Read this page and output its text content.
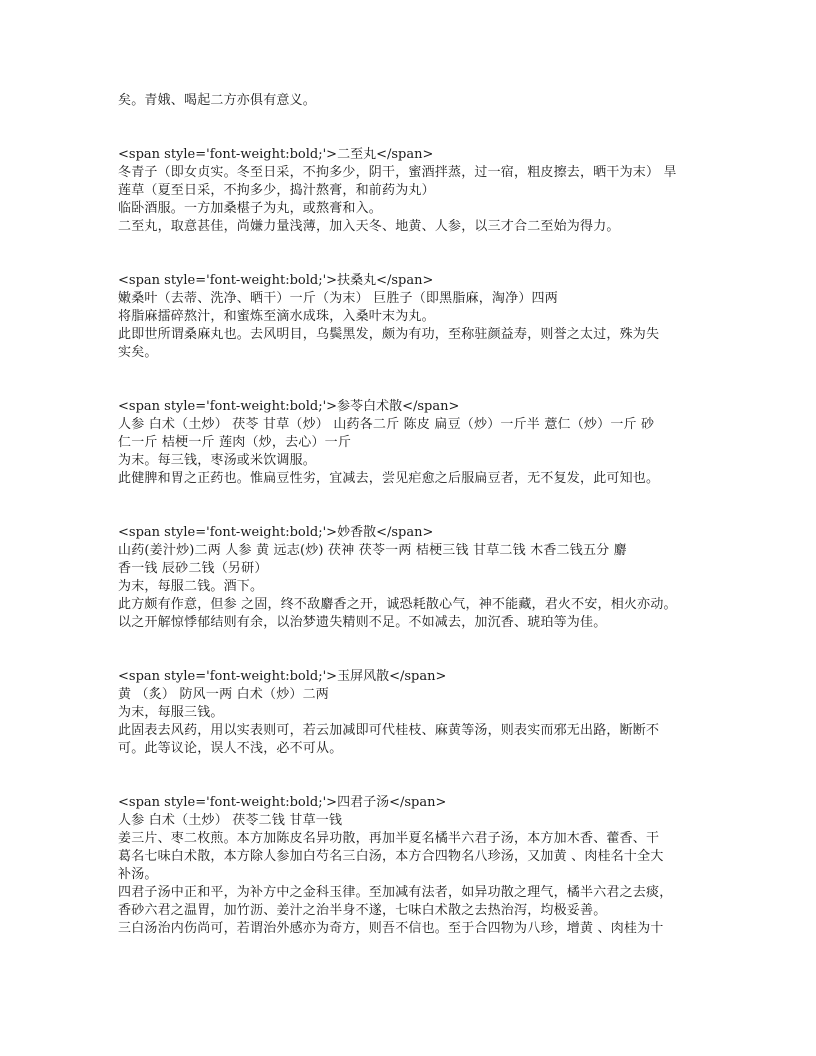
矣。青娥、喝起二方亦俱有意义。
<span style='font-weight:bold;'>二至丸</span>
冬青子（即女贞实。冬至日采，不拘多少，阴干，蜜酒拌蒸，过一宿，粗皮擦去，晒干为末） 旱
莲草（夏至日采，不拘多少，捣汁熬膏，和前药为丸）
临卧酒服。一方加桑椹子为丸，或熬膏和入。
二至丸，取意甚佳，尚嫌力量浅薄，加入天冬、地黄、人参，以三才合二至始为得力。
<span style='font-weight:bold;'>扶桑丸</span>
嫩桑叶（去蒂、洗净、晒干）一斤（为末） 巨胜子（即黑脂麻，淘净）四两
将脂麻擂碎熬汁，和蜜炼至滴水成珠，入桑叶末为丸。
此即世所谓桑麻丸也。去风明目，乌鬓黑发，颇为有功，至称驻颜益寿，则誉之太过，殊为失
实矣。
<span style='font-weight:bold;'>参苓白术散</span>
人参 白术（土炒） 茯苓 甘草（炒） 山药各二斤 陈皮 扁豆（炒）一斤半 薏仁（炒）一斤 砂
仁一斤 桔梗一斤 莲肉（炒，去心）一斤
为末。每三钱，枣汤或米饮调服。
此健脾和胃之正药也。惟扁豆性劣，宜减去，尝见疟愈之后服扁豆者，无不复发，此可知也。
<span style='font-weight:bold;'>妙香散</span>
山药(姜汁炒)二两 人参 黄 远志(炒) 茯神 茯苓一两 桔梗三钱 甘草二钱 木香二钱五分 麝
香一钱 辰砂二钱（另研）
为末，每服二钱。酒下。
此方颇有作意，但参 之固，终不敌麝香之开，诚恐耗散心气，神不能藏，君火不安，相火亦动。
以之开解惊悸郁结则有余，以治梦遗失精则不足。不如减去，加沉香、琥珀等为佳。
<span style='font-weight:bold;'>玉屏风散</span>
黄 （炙） 防风一两 白术（炒）二两
为末，每服三钱。
此固表去风药，用以实表则可，若云加减即可代桂枝、麻黄等汤，则表实而邪无出路，断断不
可。此等议论，误人不浅，必不可从。
<span style='font-weight:bold;'>四君子汤</span>
人参 白术（土炒） 茯苓二钱 甘草一钱
姜三片、枣二枚煎。本方加陈皮名异功散，再加半夏名橘半六君子汤，本方加木香、藿香、干
葛名七味白术散，本方除人参加白芍名三白汤，本方合四物名八珍汤，又加黄 、肉桂名十全大
补汤。
四君子汤中正和平，为补方中之金科玉律。至加减有法者，如异功散之理气，橘半六君之去痰，
香砂六君之温胃，加竹沥、姜汁之治半身不遂，七味白术散之去热治泻，均极妥善。
三白汤治内伤尚可，若谓治外感亦为奇方，则吾不信也。至于合四物为八珍，增黄 、肉桂为十
